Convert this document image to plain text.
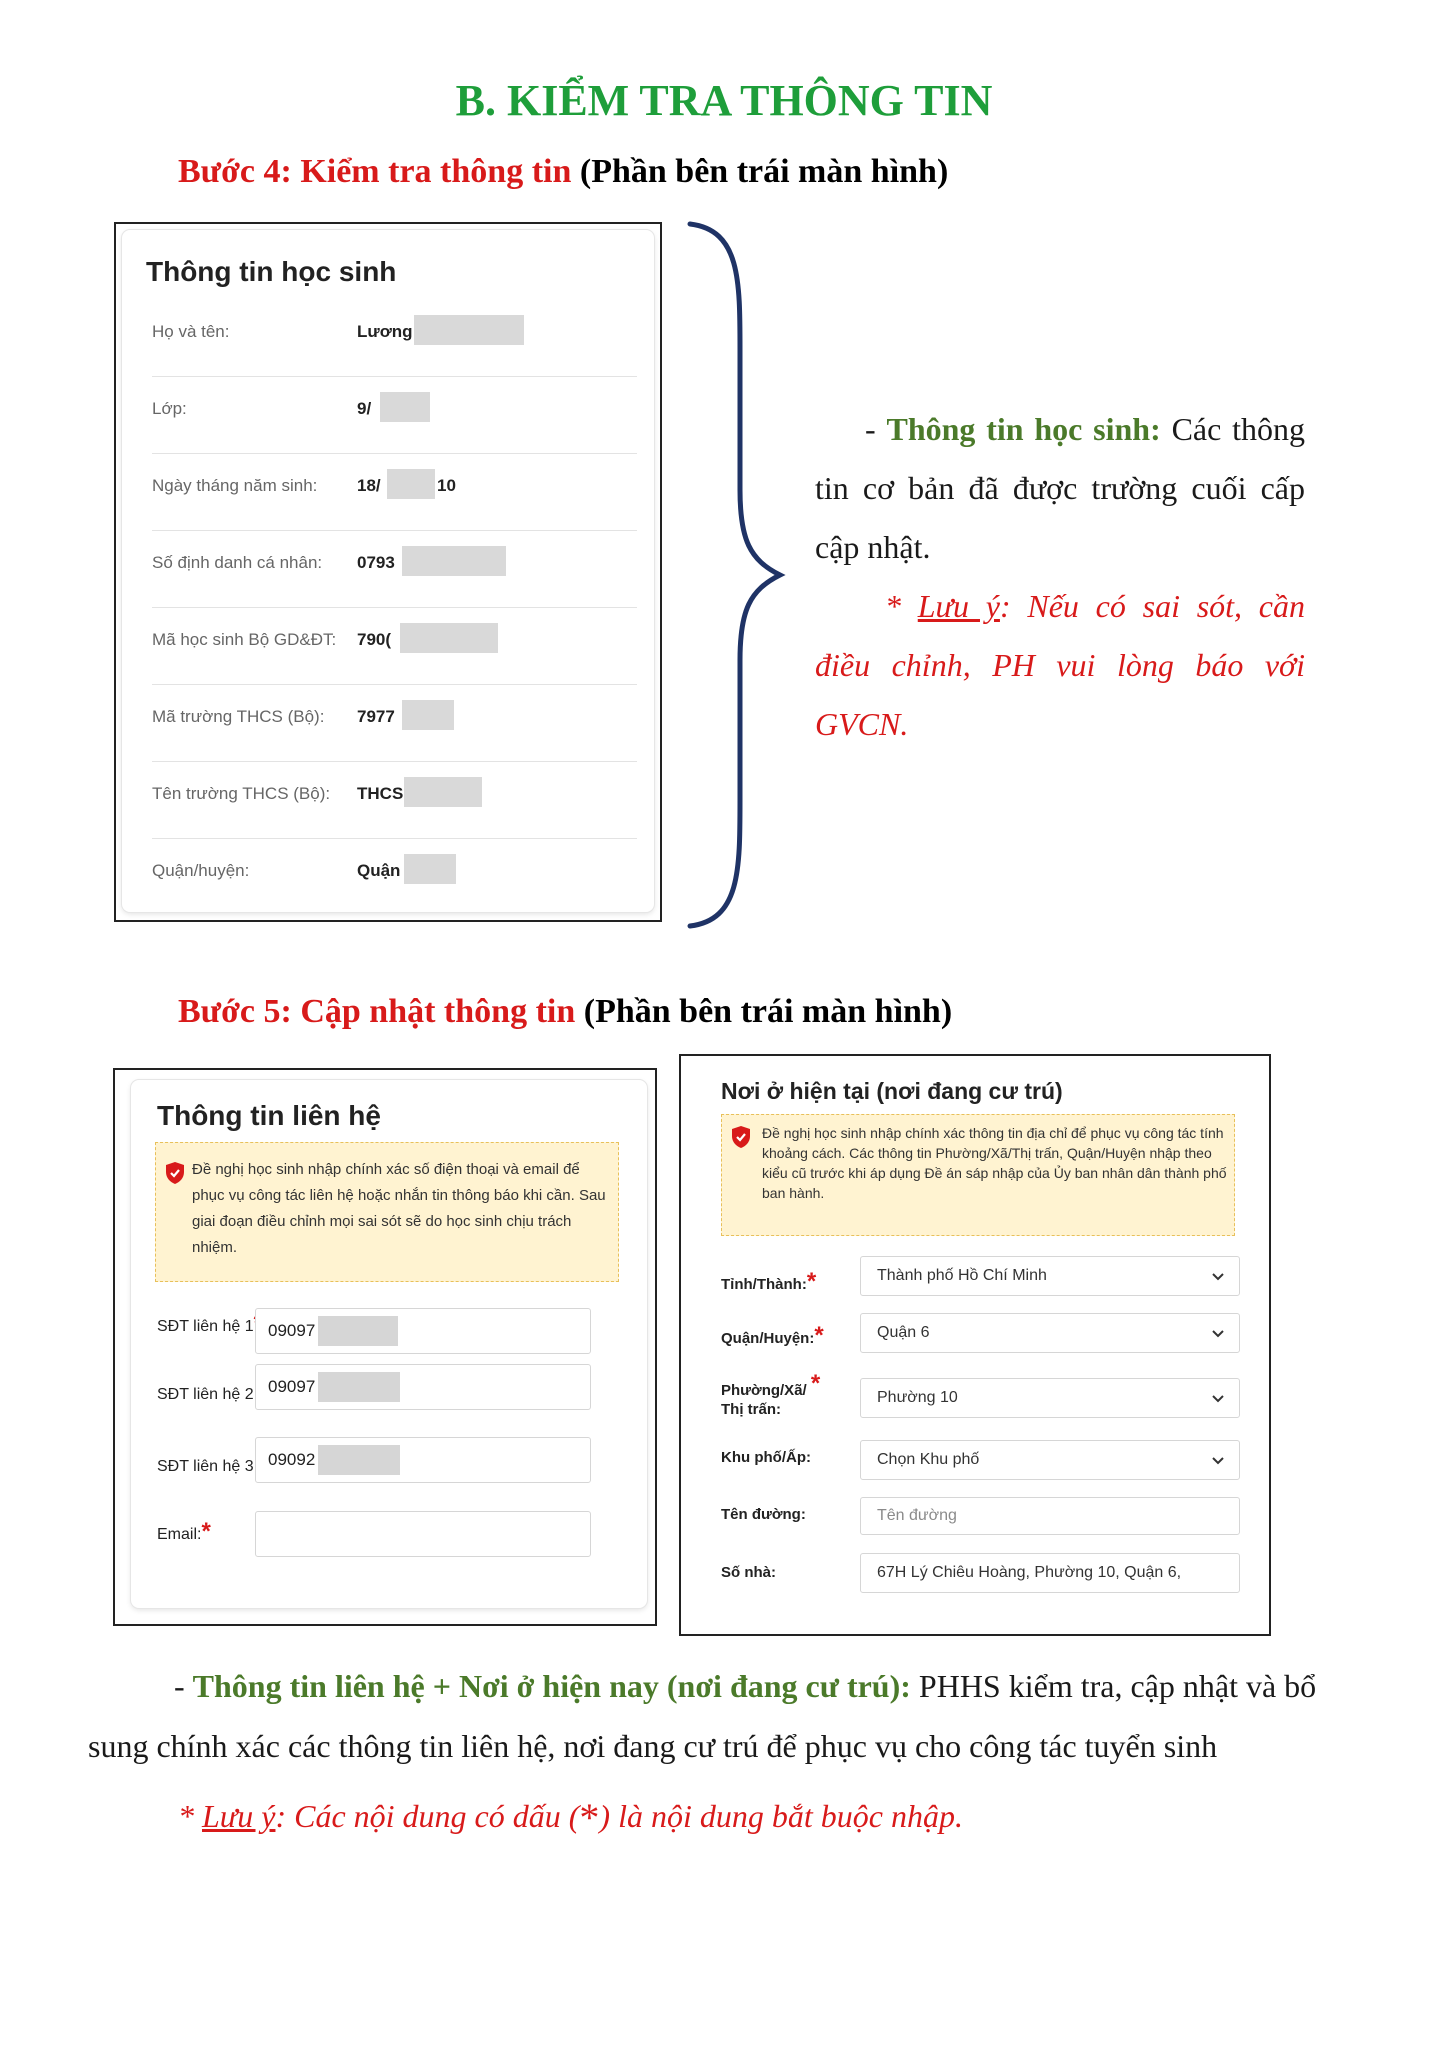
B. KIỂM TRA THÔNG TIN
Bước 4: Kiểm tra thông tin (Phần bên trái màn hình)
Thông tin học sinh
Họ và tên:	Lương
Lớp:	9/
Ngày tháng năm sinh: 18/	10
Số định danh cá nhân: 0793
Mã học sinh Bộ GD&ĐT: 790(
Mã trường THCS (Bộ): 7977
Tên trường THCS (Bộ): THCS
Quận/huyện:	Quận
- Thông tin học sinh: Các thông tin cơ bản đã được trường cuối cấp cập nhật.
* Lưu ý: Nếu có sai sót, cần điều chỉnh, PH vui lòng báo với GVCN.
Bước 5: Cập nhật thông tin (Phần bên trái màn hình)
Thông tin liên hệ
Đề nghị học sinh nhập chính xác số điện thoại và email để phục vụ công tác liên hệ hoặc nhắn tin thông báo khi cần. Sau giai đoạn điều chỉnh mọi sai sót sẽ do học sinh chịu trách nhiệm.
SĐT liên hệ 1 09097
SĐT liên hệ 2 09097
SĐT liên hệ 3 09092
Email:*
Nơi ở hiện tại (nơi đang cư trú)
Đề nghị học sinh nhập chính xác thông tin địa chỉ để phục vụ công tác tính khoảng cách. Các thông tin Phường/Xã/Thị trấn, Quận/Huyện nhập theo kiểu cũ trước khi áp dụng Đề án sáp nhập của Ủy ban nhân dân thành phố ban hành.
Tỉnh/Thành:*	Thành phố Hồ Chí Minh
Quận/Huyện:*	Quận 6
Phường/Xã/ *
Thị trấn:
Phường 10
Khu phố/Ấp:	Chọn Khu phố
Tên đường:	Tên đường
Số nhà:	67H Lý Chiêu Hoàng, Phường 10, Quận 6,
- Thông tin liên hệ + Nơi ở hiện nay (nơi đang cư trú): PHHS kiểm tra, cập nhật và bổ sung chính xác các thông tin liên hệ, nơi đang cư trú để phục vụ cho công tác tuyển sinh
* Lưu ý: Các nội dung có dấu (*) là nội dung bắt buộc nhập.
